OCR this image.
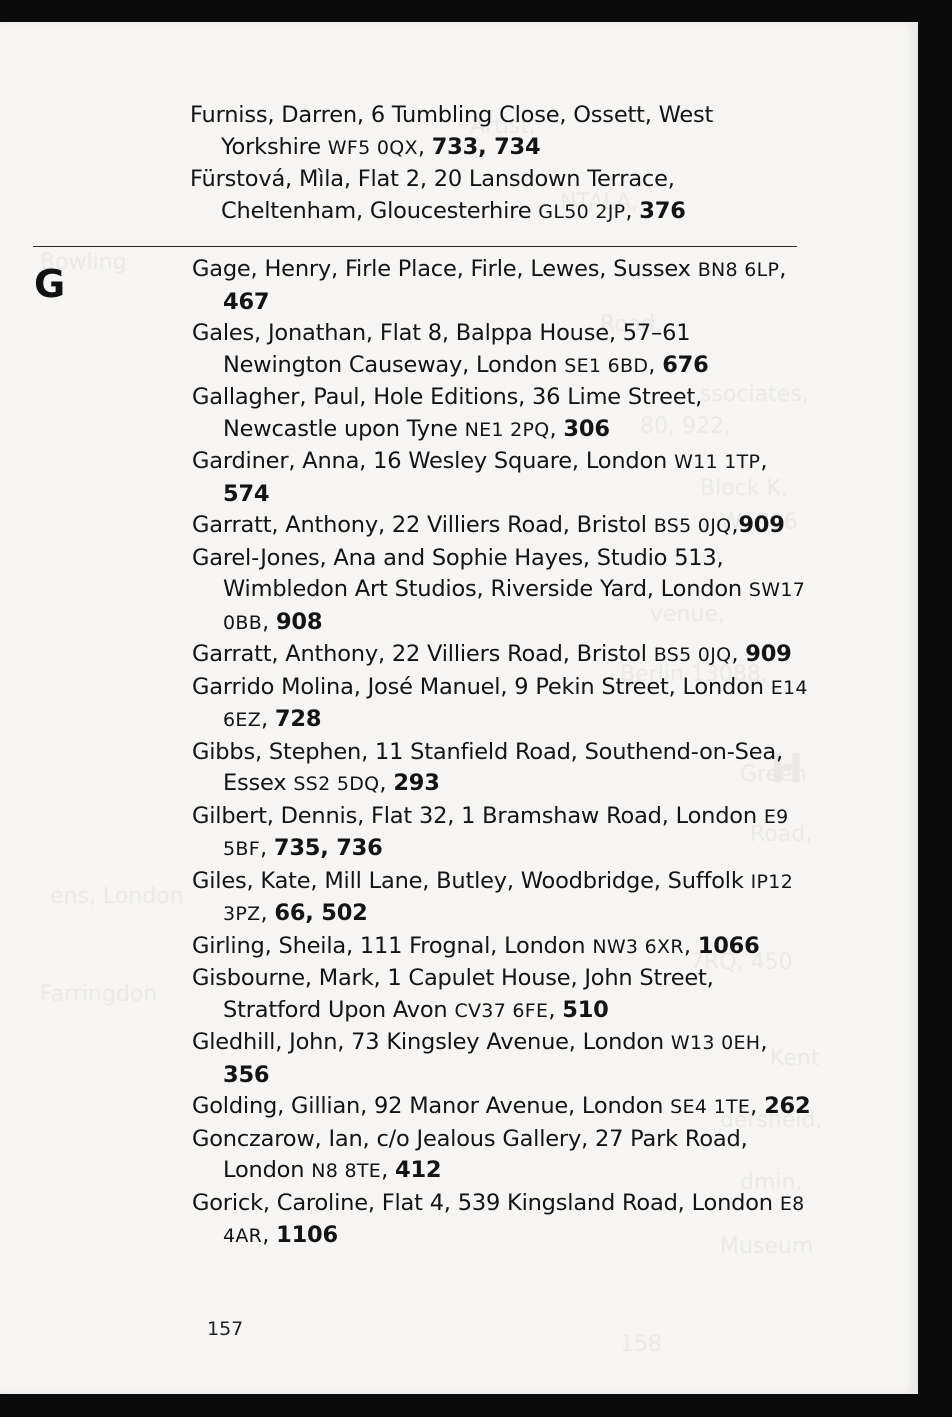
Furniss, Darren, 6 Tumbling Close, Ossett, West Yorkshire WF5 0QX, 733, 734
Fürstová, Mìla, Flat 2, 20 Lansdown Terrace, Cheltenham, Gloucesterhire GL50 2JP, 376
G	Gage, Henry, Firle Place, Firle, Lewes, Sussex BN8 6LP, 467
Gales, Jonathan, Flat 8, Balppa House, 57–61 Newington Causeway, London SE1 6BD, 676
Gallagher, Paul, Hole Editions, 36 Lime Street, Newcastle upon Tyne NE1 2PQ, 306
Gardiner, Anna, 16 Wesley Square, London W11 1TP, 574
Garratt, Anthony, 22 Villiers Road, Bristol BS5 0JQ,909
Garel-Jones, Ana and Sophie Hayes, Studio 513, Wimbledon Art Studios, Riverside Yard, London SW17 0BB, 908
Garratt, Anthony, 22 Villiers Road, Bristol BS5 0JQ, 909
Garrido Molina, José Manuel, 9 Pekin Street, London E14 6EZ, 728
Gibbs, Stephen, 11 Stanfield Road, Southend-on-Sea, Essex SS2 5DQ, 293
Gilbert, Dennis, Flat 32, 1 Bramshaw Road, London E9 5BF, 735, 736
Giles, Kate, Mill Lane, Butley, Woodbridge, Suffolk IP12 3PZ, 66, 502
Girling, Sheila, 111 Frognal, London NW3 6XR, 1066
Gisbourne, Mark, 1 Capulet House, John Street, Stratford Upon Avon CV37 6FE, 510
Gledhill, John, 73 Kingsley Avenue, London W13 0EH, 356
Golding, Gillian, 92 Manor Avenue, London SE4 1TE, 262
Gonczarow, Ian, c/o Jealous Gallery, 27 Park Road, London N8 8TE, 412
Gorick, Caroline, Flat 4, 539 Kingsland Road, London E8 4AR, 1106
157
